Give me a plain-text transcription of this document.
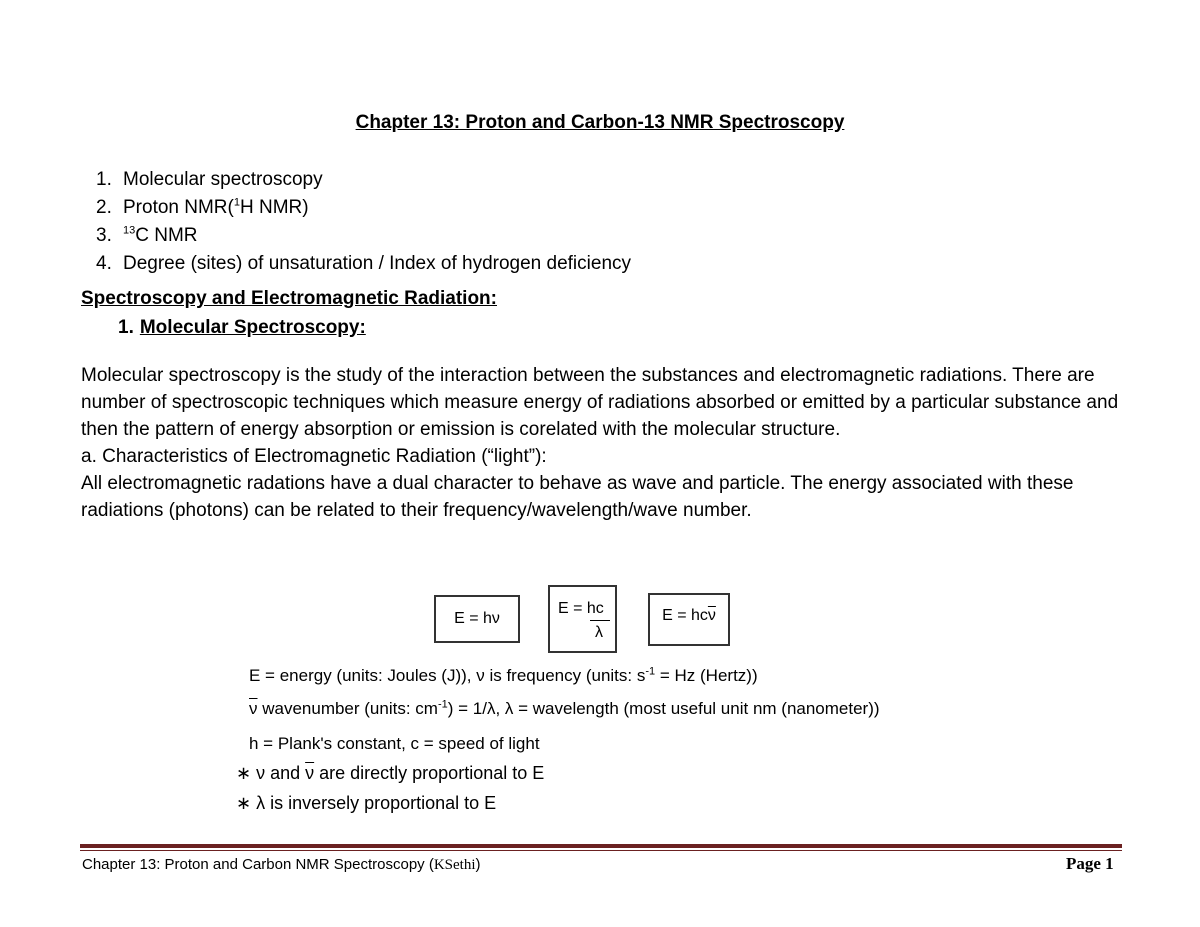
Chapter 13: Proton and Carbon-13 NMR Spectroscopy
1. Molecular spectroscopy
2. Proton NMR($^1$H NMR)
3. $^{13}$C NMR
4. Degree (sites) of unsaturation / Index of hydrogen deficiency
Spectroscopy and Electromagnetic Radiation:
1. Molecular Spectroscopy:

Molecular spectroscopy is the study of the interaction between the substances and electromagnetic radiations. There are number of spectroscopic techniques which measure energy of radiations absorbed or emitted by a particular substance and then the pattern of energy absorption or emission is corelated with the molecular structure.

a. Characteristics of Electromagnetic Radiation (“light”):

All electromagnetic radations have a dual character to behave as wave and particle. The energy associated with these radiations (photons) can be related to their frequency/wavelength/wave number.

E = hν
E = hc
λ
$E = hc\overline{\nu}$
E = energy (units: Joules (J)), ν is frequency (units: $s^{-1} = Hz$ (Hertz))
$\overline{\nu}$ wavenumber (units: $cm^{-1}) = 1/\lambda$, λ = wavelength (most useful unit nm (nanometer))
h = Plank's constant, c = speed of light
∗ ν and $\overline{\nu}$ are directly proportional to E
∗ λ is inversely proportional to E
Chapter 13: Proton and Carbon NMR Spectroscopy (KSethi)	Page 1
